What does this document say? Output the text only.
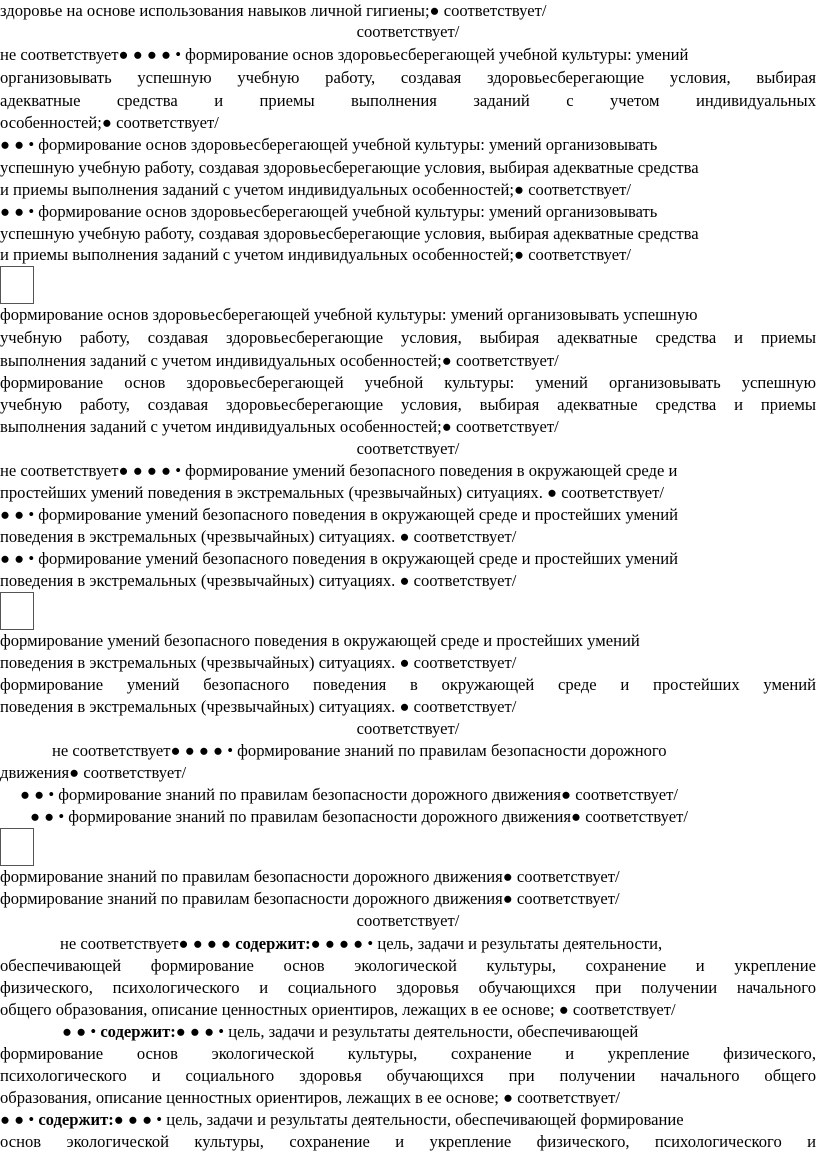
здоровье на основе использования навыков личной гигиены;● соответствует/

соответствует/

не соответствует● ● ● ● • формирование основ здоровьесберегающей учебной культуры: умений

организовывать успешную учебную работу, создавая здоровьесберегающие условия, выбирая

адекватные средства и приемы выполнения заданий с учетом индивидуальных

особенностей;● соответствует/

● ● • формирование основ здоровьесберегающей учебной культуры: умений организовывать

успешную учебную работу, создавая здоровьесберегающие условия, выбирая адекватные средства

и приемы выполнения заданий с учетом индивидуальных особенностей;● соответствует/

● ● • формирование основ здоровьесберегающей учебной культуры: умений организовывать

успешную учебную работу, создавая здоровьесберегающие условия, выбирая адекватные средства

и приемы выполнения заданий с учетом индивидуальных особенностей;● соответствует/

формирование основ здоровьесберегающей учебной культуры: умений организовывать успешную

учебную работу, создавая здоровьесберегающие условия, выбирая адекватные средства и приемы

выполнения заданий с учетом индивидуальных особенностей;● соответствует/

формирование основ здоровьесберегающей учебной культуры: умений организовывать успешную

учебную работу, создавая здоровьесберегающие условия, выбирая адекватные средства и приемы

выполнения заданий с учетом индивидуальных особенностей;● соответствует/

соответствует/

не соответствует● ● ● ● • формирование умений безопасного поведения в окружающей среде и

простейших умений поведения в экстремальных (чрезвычайных) ситуациях. ● соответствует/

● ● • формирование умений безопасного поведения в окружающей среде и простейших умений

поведения в экстремальных (чрезвычайных) ситуациях. ● соответствует/

● ● • формирование умений безопасного поведения в окружающей среде и простейших умений

поведения в экстремальных (чрезвычайных) ситуациях. ● соответствует/

формирование умений безопасного поведения в окружающей среде и простейших умений

поведения в экстремальных (чрезвычайных) ситуациях. ● соответствует/

формирование умений безопасного поведения в окружающей среде и простейших умений

поведения в экстремальных (чрезвычайных) ситуациях. ● соответствует/

соответствует/

не соответствует● ● ● ● • формирование знаний по правилам безопасности дорожного

движения● соответствует/

● ● • формирование знаний по правилам безопасности дорожного движения● соответствует/

● ● • формирование знаний по правилам безопасности дорожного движения● соответствует/

формирование знаний по правилам безопасности дорожного движения● соответствует/

формирование знаний по правилам безопасности дорожного движения● соответствует/

соответствует/

не соответствует● ● ● ● содержит:● ● ● ● • цель, задачи и результаты деятельности,

обеспечивающей формирование основ экологической культуры, сохранение и укрепление

физического, психологического и социального здоровья обучающихся при получении начального

общего образования, описание ценностных ориентиров, лежащих в ее основе; ● соответствует/

● ● • содержит:● ● ● • цель, задачи и результаты деятельности, обеспечивающей

формирование основ экологической культуры, сохранение и укрепление физического,

психологического и социального здоровья обучающихся при получении начального общего

образования, описание ценностных ориентиров, лежащих в ее основе; ● соответствует/

● ● • содержит:● ● ● • цель, задачи и результаты деятельности, обеспечивающей формирование

основ экологической культуры, сохранение и укрепление физического, психологического и
